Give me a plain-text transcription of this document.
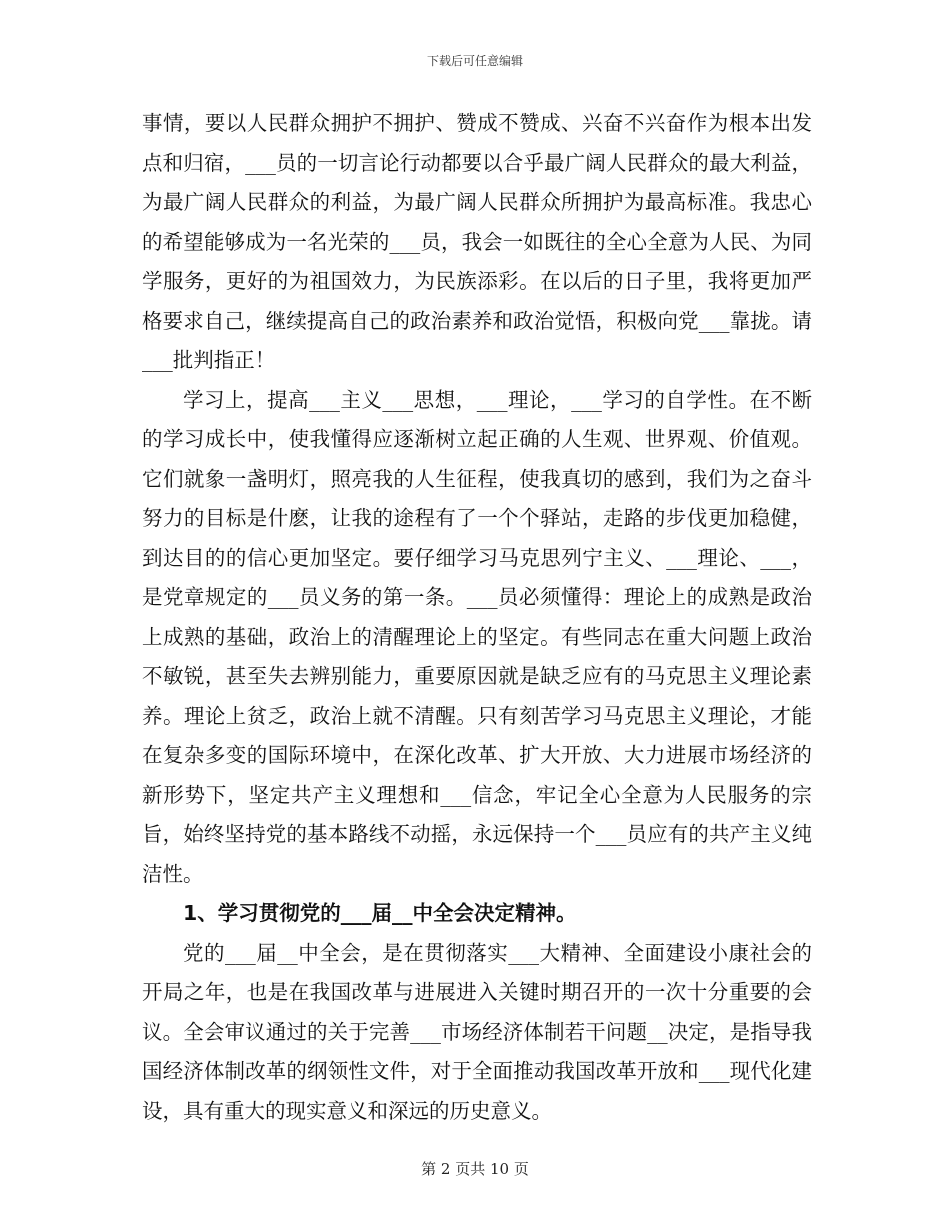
下载后可任意编辑

事情，要以人民群众拥护不拥护、赞成不赞成、兴奋不兴奋作为根本出发点和归宿，___员的一切言论行动都要以合乎最广阔人民群众的最大利益，为最广阔人民群众的利益，为最广阔人民群众所拥护为最高标准。我忠心的希望能够成为一名光荣的___员，我会一如既往的全心全意为人民、为同学服务，更好的为祖国效力，为民族添彩。在以后的日子里，我将更加严格要求自己，继续提高自己的政治素养和政治觉悟，积极向党___靠拢。请___批判指正！

学习上，提高___主义___思想，___理论，___学习的自学性。在不断的学习成长中，使我懂得应逐渐树立起正确的人生观、世界观、价值观。它们就象一盏明灯，照亮我的人生征程，使我真切的感到，我们为之奋斗努力的目标是什麽，让我的途程有了一个个驿站，走路的步伐更加稳健，到达目的的信心更加坚定。要仔细学习马克思列宁主义、___理论、___，是党章规定的___员义务的第一条。___员必须懂得：理论上的成熟是政治上成熟的基础，政治上的清醒理论上的坚定。有些同志在重大问题上政治不敏锐，甚至失去辨别能力，重要原因就是缺乏应有的马克思主义理论素养。理论上贫乏，政治上就不清醒。只有刻苦学习马克思主义理论，才能在复杂多变的国际环境中，在深化改革、扩大开放、大力进展市场经济的新形势下，坚定共产主义理想和___信念，牢记全心全意为人民服务的宗旨，始终坚持党的基本路线不动摇，永远保持一个___员应有的共产主义纯洁性。

1、学习贯彻党的___届__中全会决定精神。

党的___届__中全会，是在贯彻落实___大精神、全面建设小康社会的开局之年，也是在我国改革与进展进入关键时期召开的一次十分重要的会议。全会审议通过的关于完善___市场经济体制若干问题__决定，是指导我国经济体制改革的纲领性文件，对于全面推动我国改革开放和___现代化建设，具有重大的现实意义和深远的历史意义。

第 2 页共 10 页
